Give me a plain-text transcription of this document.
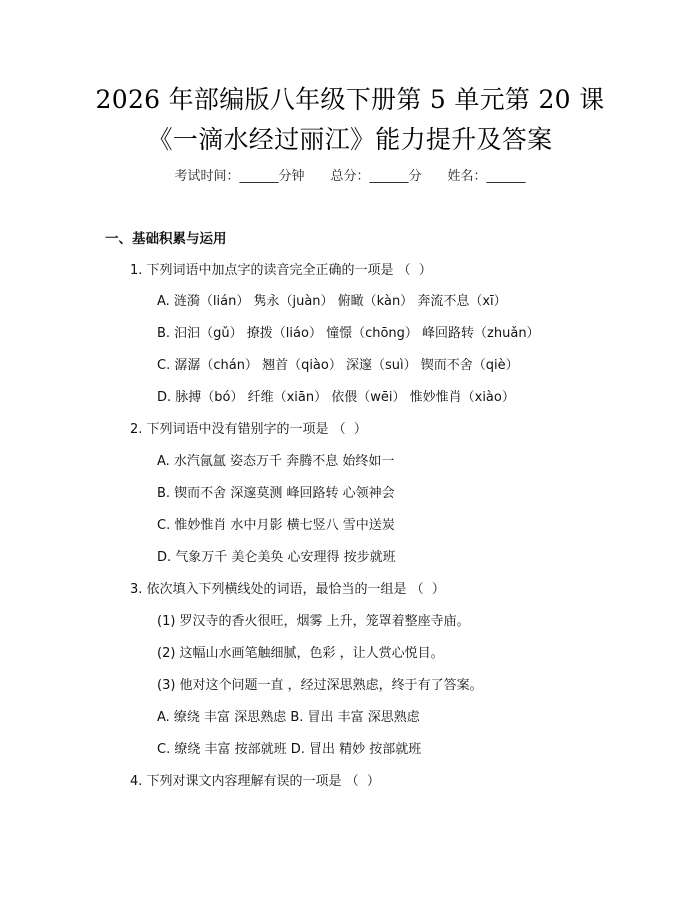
2026 年部编版八年级下册第 5 单元第 20 课
《一滴水经过丽江》能力提升及答案
考试时间：______分钟 总分：______分 姓名：______
一、基础积累与运用
1. 下列词语中加点字的读音完全正确的一项是 （  ）
A. 涟漪（lián） 隽永（juàn） 俯瞰（kàn） 奔流不息（xī）
B. 汩汩（gǔ） 撩拨（liáo） 憧憬（chōng） 峰回路转（zhuǎn）
C. 潺潺（chán） 翘首（qiào） 深邃（suì） 锲而不舍（qiè）
D. 脉搏（bó） 纤维（xiān） 依偎（wēi） 惟妙惟肖（xiào）
2. 下列词语中没有错别字的一项是 （  ）
A. 水汽氤氲 姿态万千 奔腾不息 始终如一
B. 锲而不舍 深邃莫测 峰回路转 心领神会
C. 惟妙惟肖 水中月影 横七竖八 雪中送炭
D. 气象万千 美仑美奂 心安理得 按步就班
3. 依次填入下列横线处的词语，最恰当的一组是 （  ）
(1) 罗汉寺的香火很旺，烟雾 上升，笼罩着整座寺庙。
(2) 这幅山水画笔触细腻，色彩 ，让人赏心悦目。
(3) 他对这个问题一直 ，经过深思熟虑，终于有了答案。
A. 缭绕 丰富 深思熟虑 B. 冒出 丰富 深思熟虑
C. 缭绕 丰富 按部就班 D. 冒出 精妙 按部就班
4. 下列对课文内容理解有误的一项是 （  ）
